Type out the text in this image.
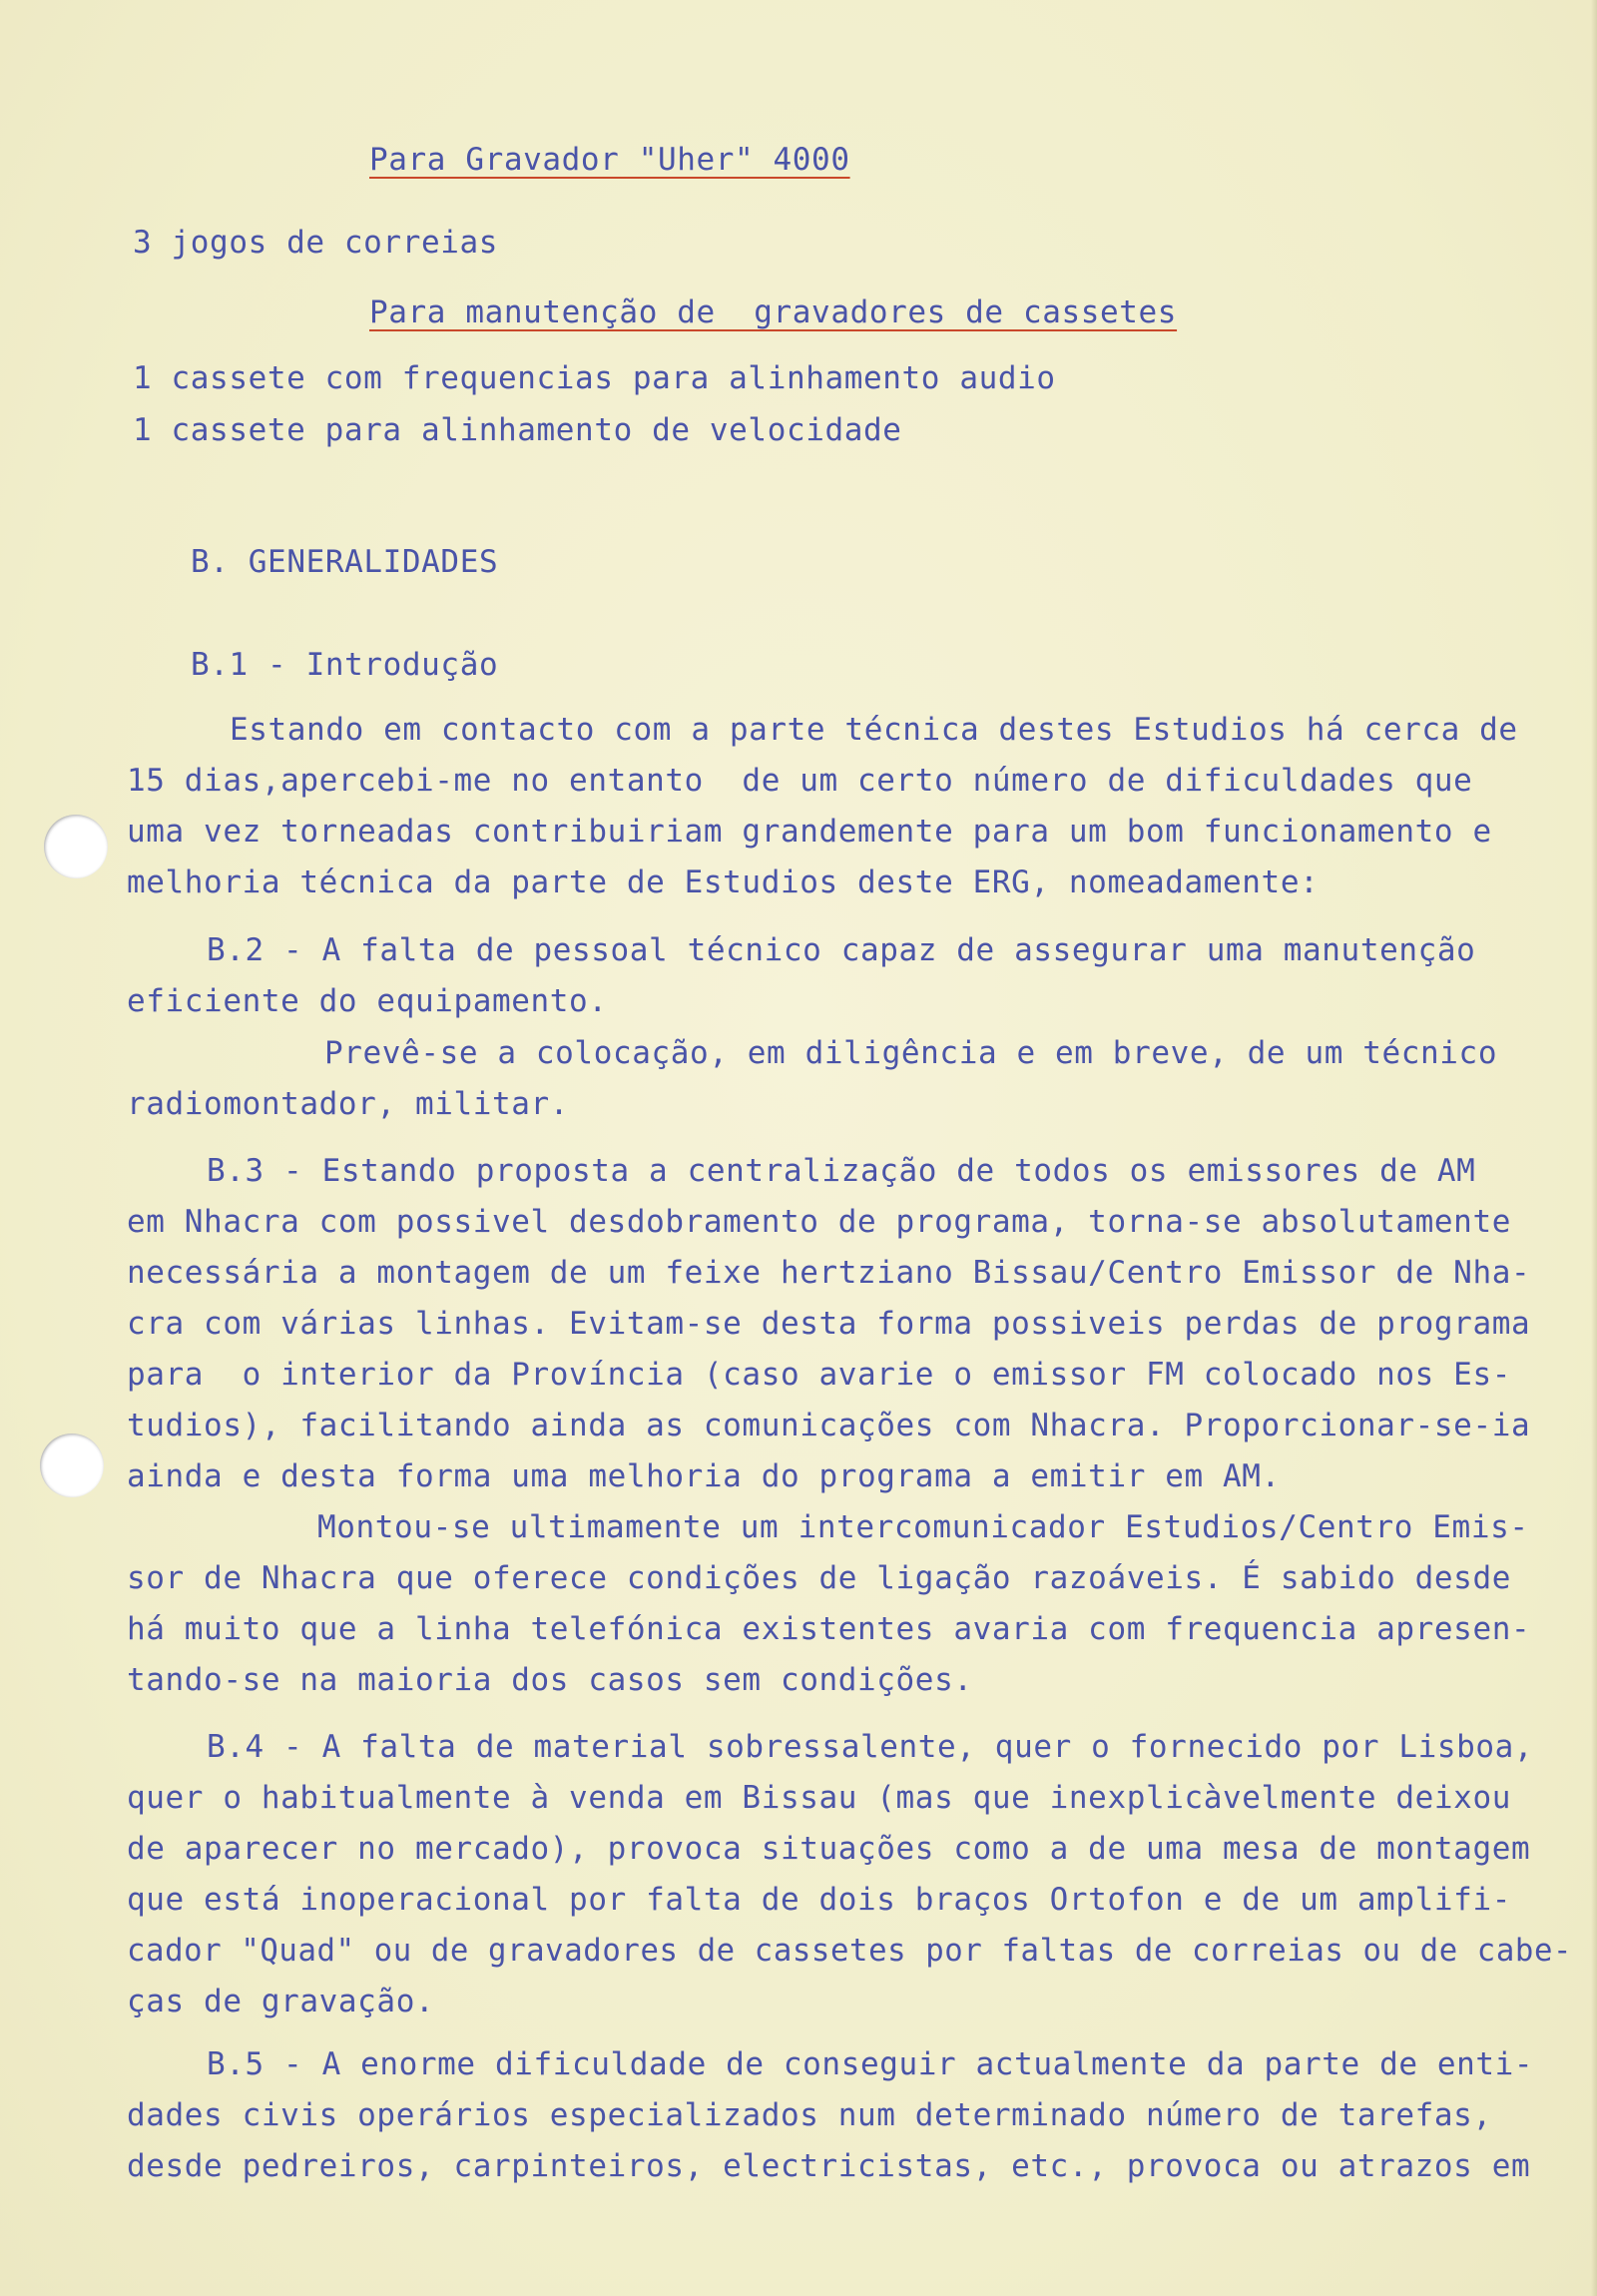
Para Gravador "Uher" 4000
3 jogos de correias
Para manutenção de  gravadores de cassetes
1 cassete com frequencias para alinhamento audio
1 cassete para alinhamento de velocidade
B. GENERALIDADES
B.1 - Introdução
Estando em contacto com a parte técnica destes Estudios há cerca de
15 dias,apercebi-me no entanto  de um certo número de dificuldades que
uma vez torneadas contribuiriam grandemente para um bom funcionamento e
melhoria técnica da parte de Estudios deste ERG, nomeadamente:
B.2 - A falta de pessoal técnico capaz de assegurar uma manutenção
eficiente do equipamento.
Prevê-se a colocação, em diligência e em breve, de um técnico
radiomontador, militar.
B.3 - Estando proposta a centralização de todos os emissores de AM
em Nhacra com possivel desdobramento de programa, torna-se absolutamente
necessária a montagem de um feixe hertziano Bissau/Centro Emissor de Nha-
cra com várias linhas. Evitam-se desta forma possiveis perdas de programa
para  o interior da Província (caso avarie o emissor FM colocado nos Es-
tudios), facilitando ainda as comunicações com Nhacra. Proporcionar-se-ia
ainda e desta forma uma melhoria do programa a emitir em AM.
Montou-se ultimamente um intercomunicador Estudios/Centro Emis-
sor de Nhacra que oferece condições de ligação razoáveis. É sabido desde
há muito que a linha telefónica existentes avaria com frequencia apresen-
tando-se na maioria dos casos sem condições.
B.4 - A falta de material sobressalente, quer o fornecido por Lisboa,
quer o habitualmente à venda em Bissau (mas que inexplicàvelmente deixou
de aparecer no mercado), provoca situações como a de uma mesa de montagem
que está inoperacional por falta de dois braços Ortofon e de um amplifi-
cador "Quad" ou de gravadores de cassetes por faltas de correias ou de cabe-
ças de gravação.
B.5 - A enorme dificuldade de conseguir actualmente da parte de enti-
dades civis operários especializados num determinado número de tarefas,
desde pedreiros, carpinteiros, electricistas, etc., provoca ou atrazos em
